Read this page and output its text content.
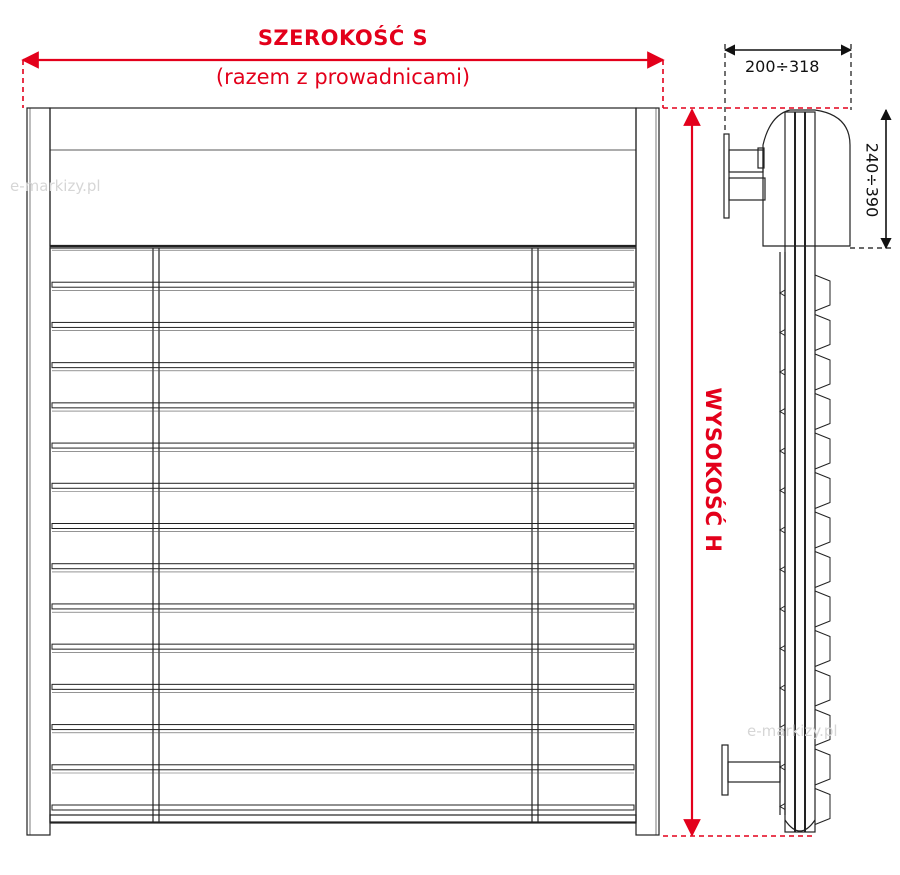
SZEROKOŚĆ S
(razem z prowadnicami)
WYSOKOŚĆ H
200÷318
240÷390
e-markizy.pl
e-markizy.pl
